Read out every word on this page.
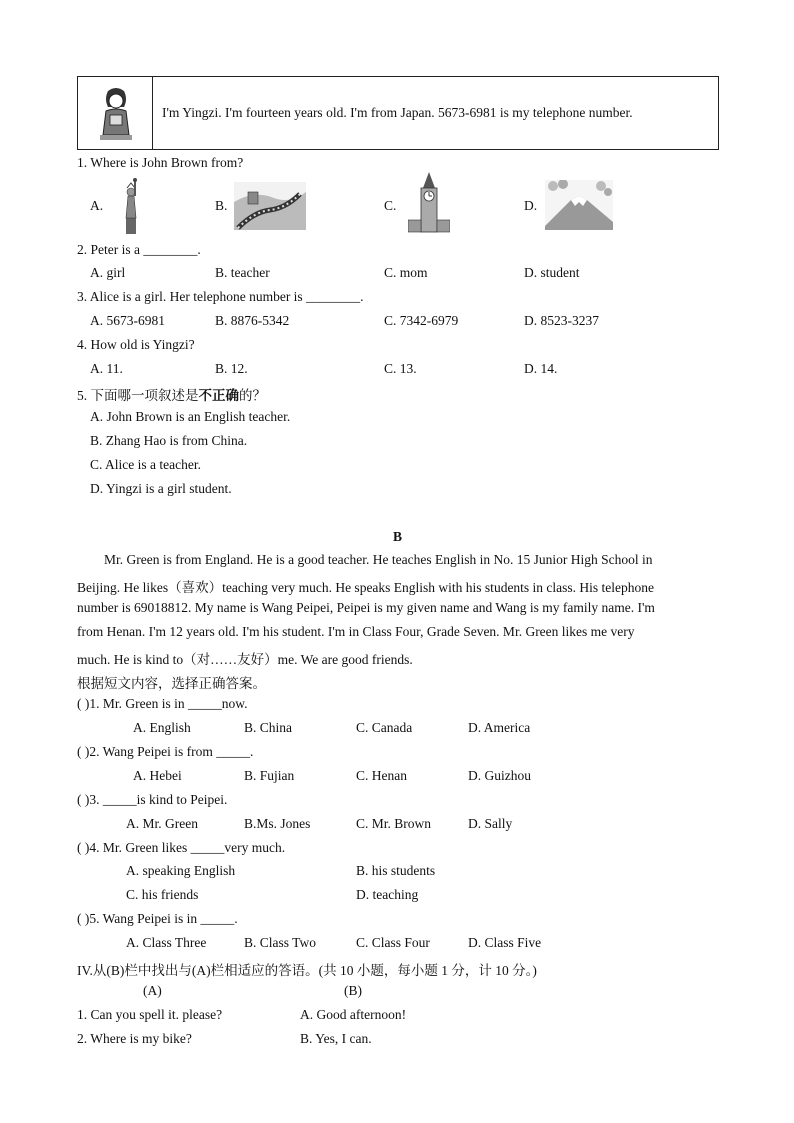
I'm Yingzi. I'm fourteen years old. I'm from Japan. 5673-6981 is my telephone number.
1. Where is John Brown from?
A.	B.	C.	D.
2. Peter is a ________.
A. girl	B. teacher	C. mom	D. student
3. Alice is a girl. Her telephone number is ________.
A. 5673-6981	B. 8876-5342	C. 7342-6979	D. 8523-3237
4. How old is Yingzi?
A. 11.	B. 12.	C. 13.	D. 14.
5. 下面哪一项叙述是不正确的？
A. John Brown is an English teacher.
B. Zhang Hao is from China.
C. Alice is a teacher.
D. Yingzi is a girl student.
B
Mr. Green is from England. He is a good teacher. He teaches English in No. 15 Junior High School in
Beijing. He likes（喜欢）teaching very much. He speaks English with his students in class. His telephone
number is 69018812. My name is Wang Peipei, Peipei is my given name and Wang is my family name. I'm
from Henan. I'm 12 years old. I'm his student. I'm in Class Four, Grade Seven. Mr. Green likes me very
much. He is kind to（对……友好）me. We are good friends.
根据短文内容，选择正确答案。
( )1. Mr. Green is in _____now.
A. English	B. China	C. Canada	D. America
( )2. Wang Peipei is from _____.
A. Hebei	B. Fujian	C. Henan	D. Guizhou
( )3. _____is kind to Peipei.
A. Mr. Green	B.Ms. Jones	C. Mr. Brown	D. Sally
( )4. Mr. Green likes _____very much.
A. speaking English	B. his students
C. his friends	D. teaching
( )5. Wang Peipei is in _____.
A. Class Three	B. Class Two	C. Class Four	D. Class Five
IV.从(B)栏中找出与(A)栏相适应的答语。(共 10 小题，每小题 1 分，计 10 分。)
(A)	(B)
1. Can you spell it. please?	A. Good afternoon!
2. Where is my bike?	B. Yes, I can.
